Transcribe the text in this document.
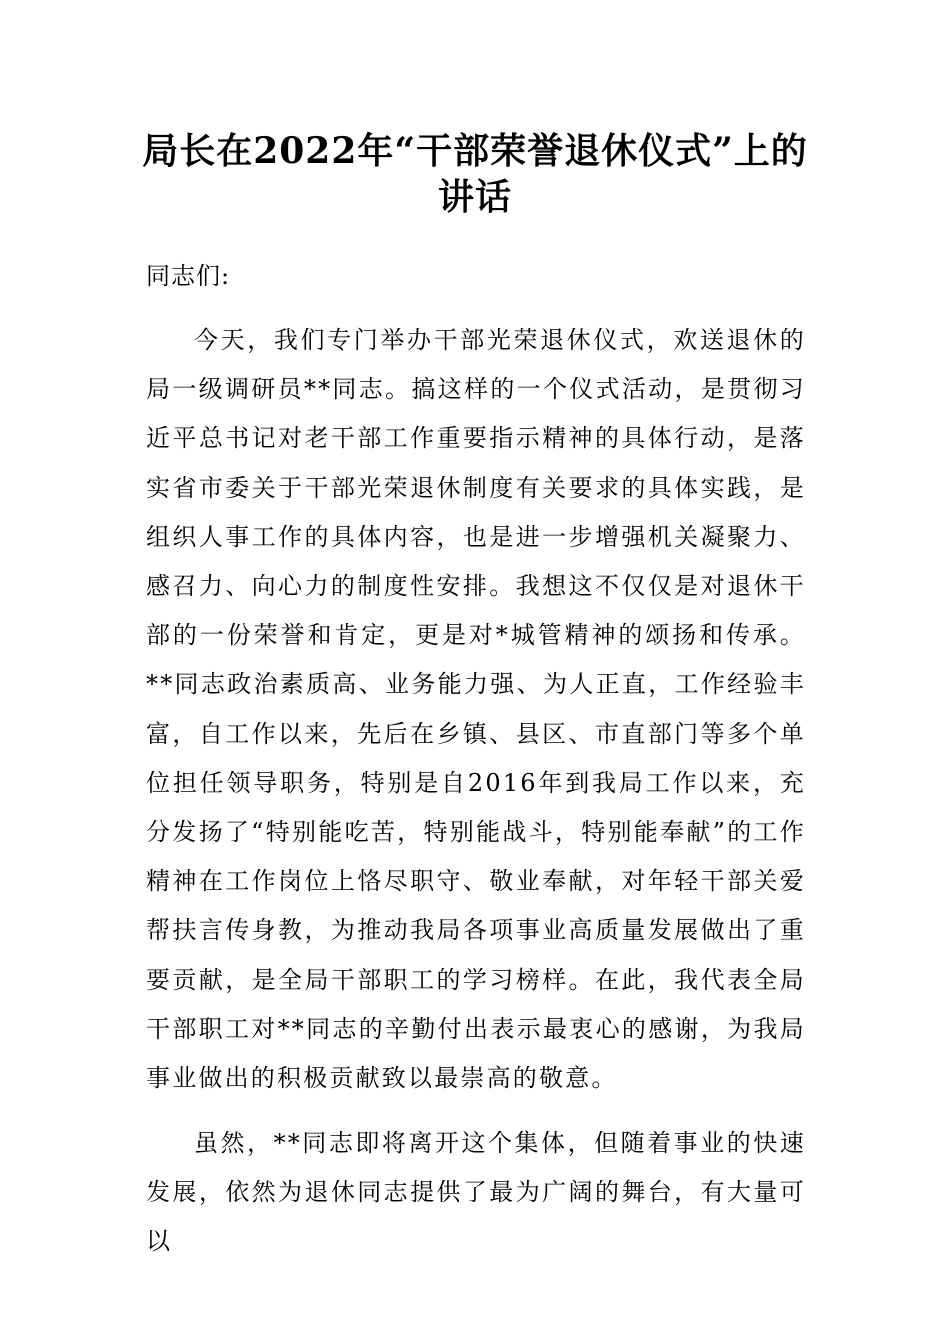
局长在2022年“干部荣誉退休仪式”上的讲话

同志们:

今天，我们专门举办干部光荣退休仪式，欢送退休的局一级调研员**同志。搞这样的一个仪式活动，是贯彻习近平总书记对老干部工作重要指示精神的具体行动，是落实省市委关于干部光荣退休制度有关要求的具体实践，是组织人事工作的具体内容，也是进一步增强机关凝聚力、感召力、向心力的制度性安排。我想这不仅仅是对退休干部的一份荣誉和肯定，更是对*城管精神的颂扬和传承。**同志政治素质高、业务能力强、为人正直，工作经验丰富，自工作以来，先后在乡镇、县区、市直部门等多个单位担任领导职务，特别是自2016年到我局工作以来，充分发扬了“特别能吃苦，特别能战斗，特别能奉献”的工作精神在工作岗位上恪尽职守、敬业奉献，对年轻干部关爱帮扶言传身教，为推动我局各项事业高质量发展做出了重要贡献，是全局干部职工的学习榜样。在此，我代表全局干部职工对**同志的辛勤付出表示最衷心的感谢，为我局事业做出的积极贡献致以最崇高的敬意。

虽然，**同志即将离开这个集体，但随着事业的快速发展，依然为退休同志提供了最为广阔的舞台，有大量可以
